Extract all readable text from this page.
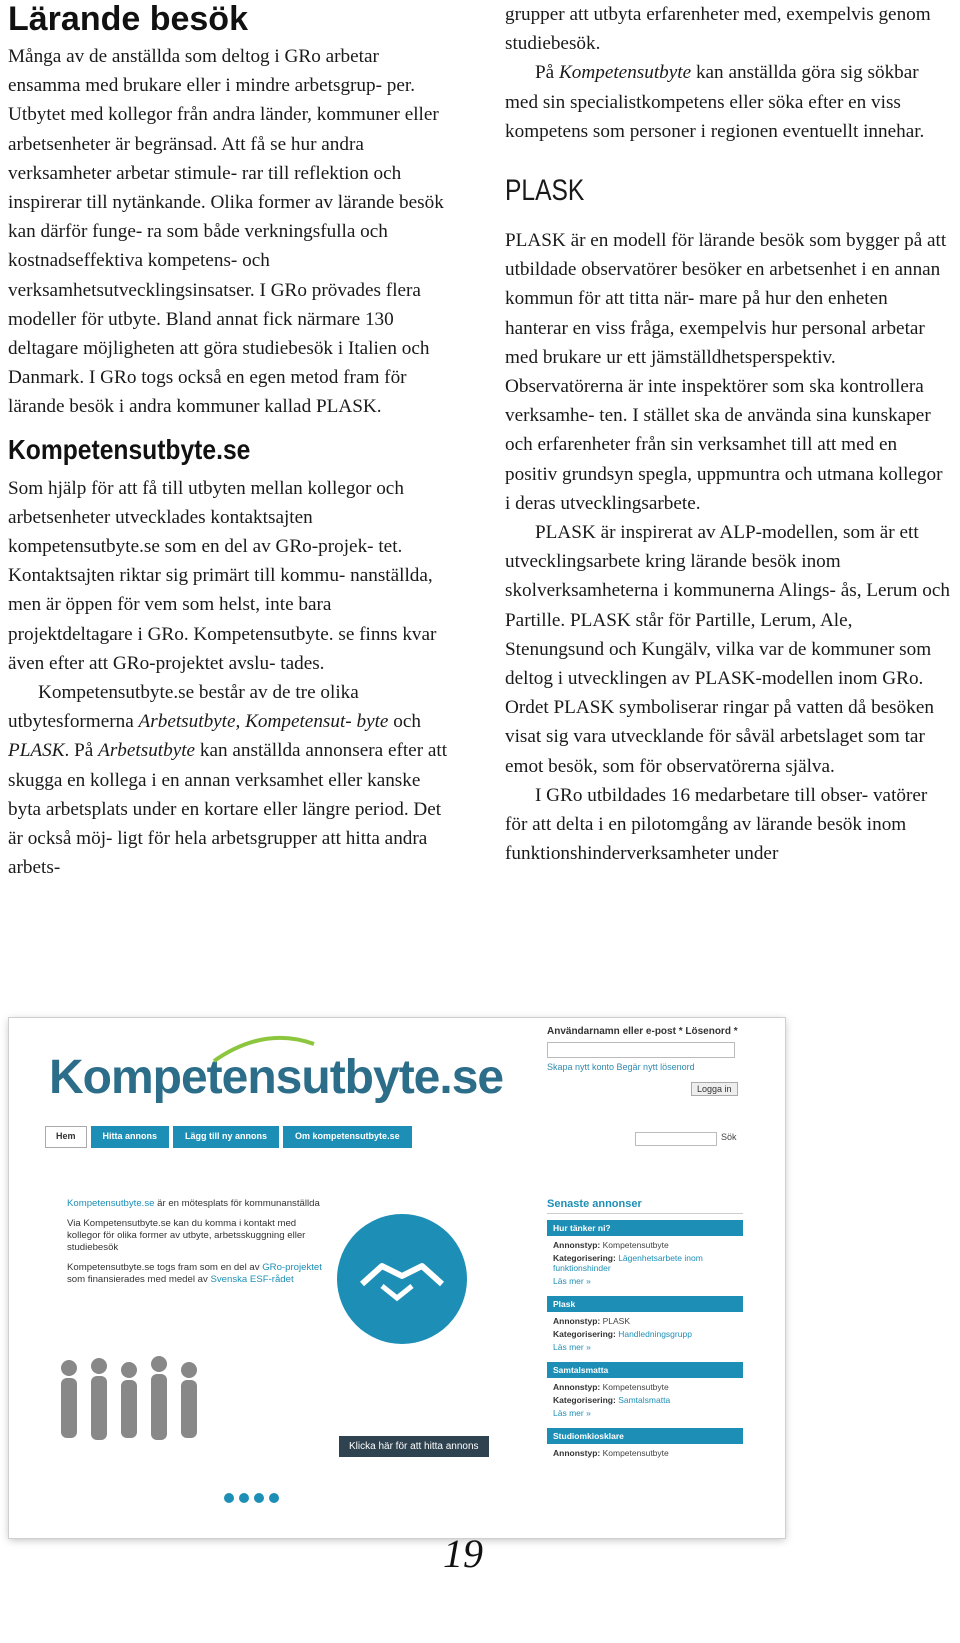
Lärande besök

Många av de anställda som deltog i GRo arbetar ensamma med brukare eller i mindre arbetsgrup- per. Utbytet med kollegor från andra länder, kommuner eller arbetsenheter är begränsad. Att få se hur andra verksamheter arbetar stimule- rar till reflektion och inspirerar till nytänkande. Olika former av lärande besök kan därför funge- ra som både verkningsfulla och kostnadseffektiva kompetens- och verksamhetsutvecklingsinsatser. I GRo prövades flera modeller för utbyte. Bland annat fick närmare 130 deltagare möjligheten att göra studiebesök i Italien och Danmark. I GRo togs också en egen metod fram för lärande besök i andra kommuner kallad PLASK.

Kompetensutbyte.se

Som hjälp för att få till utbyten mellan kollegor och arbetsenheter utvecklades kontaktsajten kompetensutbyte.se som en del av GRo-projek- tet. Kontaktsajten riktar sig primärt till kommu- nanställda, men är öppen för vem som helst, inte bara projektdeltagare i GRo. Kompetensutbyte. se finns kvar även efter att GRo-projektet avslu- tades.

Kompetensutbyte.se består av de tre olika utbytesformerna Arbetsutbyte, Kompetensut- byte och PLASK. På Arbetsutbyte kan anställda annonsera efter att skugga en kollega i en annan verksamhet eller kanske byta arbetsplats under en kortare eller längre period. Det är också möj- ligt för hela arbetsgrupper att hitta andra arbets-

grupper att utbyta erfarenheter med, exempelvis genom studiebesök.

På Kompetensutbyte kan anställda göra sig sökbar med sin specialistkompetens eller söka efter en viss kompetens som personer i regionen eventuellt innehar.

PLASK

PLASK är en modell för lärande besök som bygger på att utbildade observatörer besöker en arbetsenhet i en annan kommun för att titta när- mare på hur den enheten hanterar en viss fråga, exempelvis hur personal arbetar med brukare ur ett jämställdhetsperspektiv. Observatörerna är inte inspektörer som ska kontrollera verksamhe- ten. I stället ska de använda sina kunskaper och erfarenheter från sin verksamhet till att med en positiv grundsyn spegla, uppmuntra och utmana kollegor i deras utvecklingsarbete.

PLASK är inspirerat av ALP-modellen, som är ett utvecklingsarbete kring lärande besök inom skolverksamheterna i kommunerna Alings- ås, Lerum och Partille. PLASK står för Partille, Lerum, Ale, Stenungsund och Kungälv, vilka var de kommuner som deltog i utvecklingen av PLASK-modellen inom GRo. Ordet PLASK symboliserar ringar på vatten då besöken visat sig vara utvecklande för såväl arbetslaget som tar emot besök, som för observatörerna själva.

I GRo utbildades 16 medarbetare till obser- vatörer för att delta i en pilotomgång av lärande besök inom funktionshinderverksamheter under

Kompetensutbyte.se
Användarnamn eller e-post * Lösenord *
Skapa nytt konto Begär nytt lösenord
Logga in
Hem	Hitta annons	Lägg till ny annons	Om kompetensutbyte.se	Sök

Kompetensutbyte.se är en mötesplats för kommunanställda

Via Kompetensutbyte.se kan du komma i kontakt med kollegor för olika former av utbyte, arbetsskuggning eller studiebesök

Kompetensutbyte.se togs fram som en del av GRo-projektet som finansierades med medel av Svenska ESF-rådet

Klicka här för att hitta annons
Senaste annonser
Hur tänker ni?
Annonstyp: Kompetensutbyte
Kategorisering: Lägenhetsarbete inom funktionshinder
Läs mer »
Plask
Annonstyp: PLASK
Kategorisering: Handledningsgrupp
Läs mer »
Samtalsmatta
Annonstyp: Kompetensutbyte
Kategorisering: Samtalsmatta
Läs mer »
Studiomkiosklare
Annonstyp: Kompetensutbyte
19
